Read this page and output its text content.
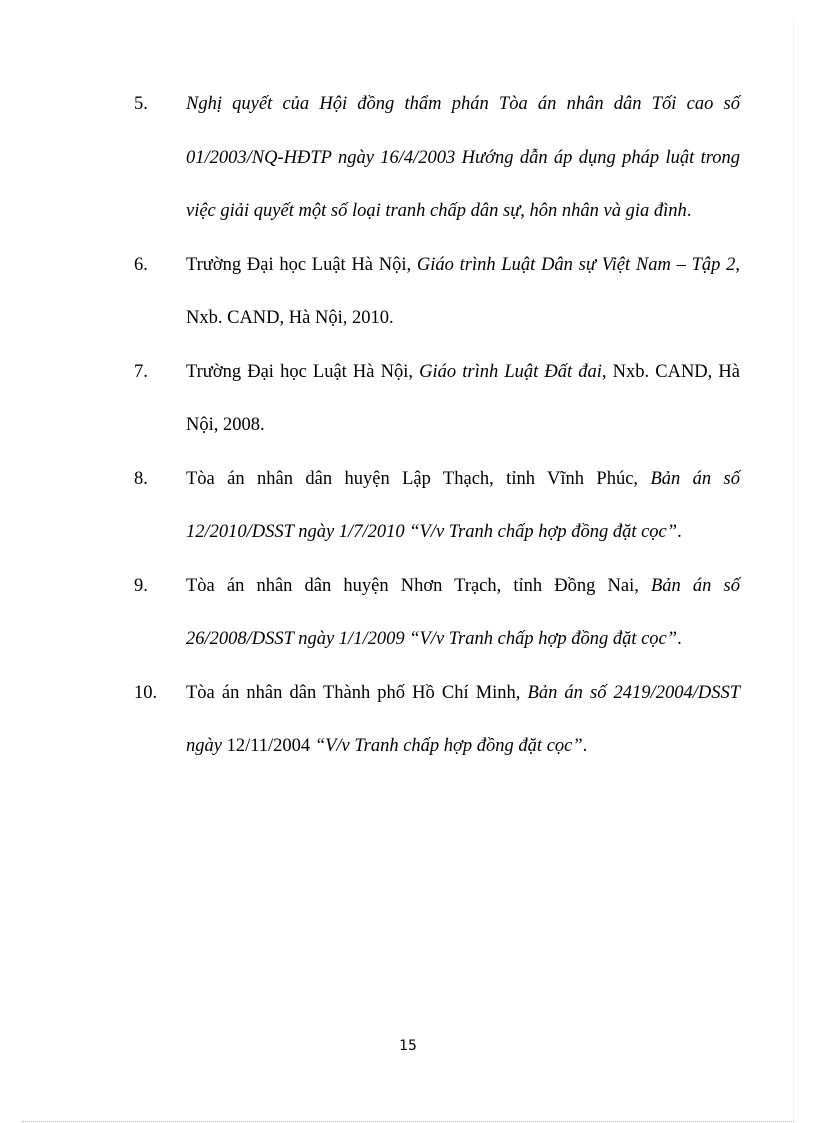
5. Nghị quyết của Hội đồng thẩm phán Tòa án nhân dân Tối cao số 01/2003/NQ-HĐTP ngày 16/4/2003 Hướng dẫn áp dụng pháp luật trong việc giải quyết một số loại tranh chấp dân sự, hôn nhân và gia đình.
6. Trường Đại học Luật Hà Nội, Giáo trình Luật Dân sự Việt Nam – Tập 2, Nxb. CAND, Hà Nội, 2010.
7. Trường Đại học Luật Hà Nội, Giáo trình Luật Đất đai, Nxb. CAND, Hà Nội, 2008.
8. Tòa án nhân dân huyện Lập Thạch, tỉnh Vĩnh Phúc, Bản án số 12/2010/DSST ngày 1/7/2010 “V/v Tranh chấp hợp đồng đặt cọc”.
9. Tòa án nhân dân huyện Nhơn Trạch, tỉnh Đồng Nai, Bản án số 26/2008/DSST ngày 1/1/2009 “V/v Tranh chấp hợp đồng đặt cọc”.
10. Tòa án nhân dân Thành phố Hồ Chí Minh, Bản án số 2419/2004/DSST ngày 12/11/2004 “V/v Tranh chấp hợp đồng đặt cọc”.
15
